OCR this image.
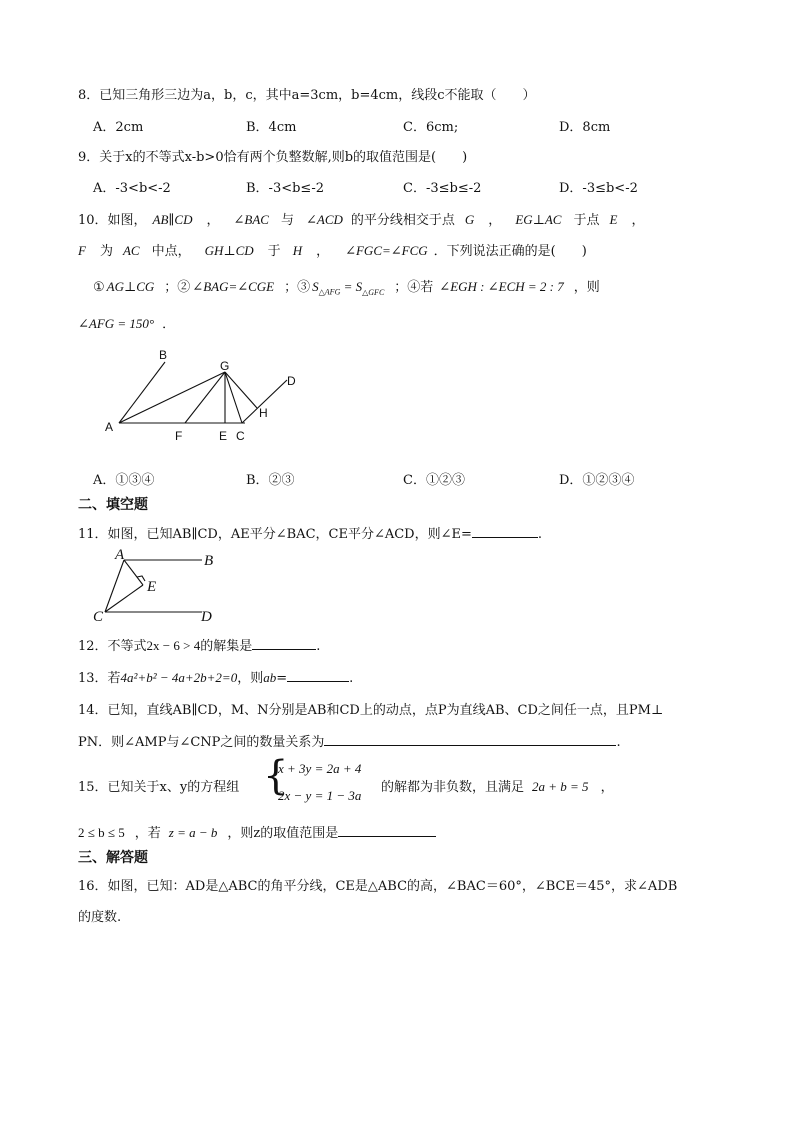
8．已知三角形三边为a，b，c，其中a=3cm，b=4cm，线段c不能取（　　）
A．2cm	B．4cm	C．6cm;	D．8cm
9．关于x的不等式x-b>0恰有两个负整数解,则b的取值范围是(　　)
A．-3<b<-2	B．-3<b≤-2	C．-3≤b≤-2	D．-3≤b<-2
10．如图， AB∥CD ， ∠BAC 与 ∠ACD 的平分线相交于点 G ， EG⊥AC 于点 E ，
F 为 AC 中点， GH⊥CD 于 H ， ∠FGC=∠FCG ．下列说法正确的是(　　)
① AG⊥CG ；② ∠BAG=∠CGE ；③ $S_{\triangle AFG} = S_{\triangle GFC}$ ；④若 ∠EGH : ∠ECH = 2 : 7 ，则
∠AFG = 150° ．
A
B
G
D
H
F	E C
A．①③④	B．②③	C．①②③	D．①②③④
二、填空题
11．如图，已知AB∥CD，AE平分∠BAC，CE平分∠ACD，则∠E=	.
A	B
E
C	D
12．不等式2x − 6 > 4的解集是	.
13．若4a²+b² − 4a+2b+2=0，则ab=	.
14．已知，直线AB∥CD，M、N分别是AB和CD上的动点，点P为直线AB、CD之间任一点，且PM⊥
PN．则∠AMP与∠CNP之间的数量关系为	.
15．已知关于x、y的方程组 {
x + 3y = 2a + 4
2x − y = 1 − 3a
的解都为非负数，且满足 2a + b = 5 ，
2 ≤ b ≤ 5 ，若 z = a − b ，则z的取值范围是
三、解答题
16．如图，已知：AD是△ABC的角平分线，CE是△ABC的高，∠BAC＝60°，∠BCE＝45°，求∠ADB
的度数.
